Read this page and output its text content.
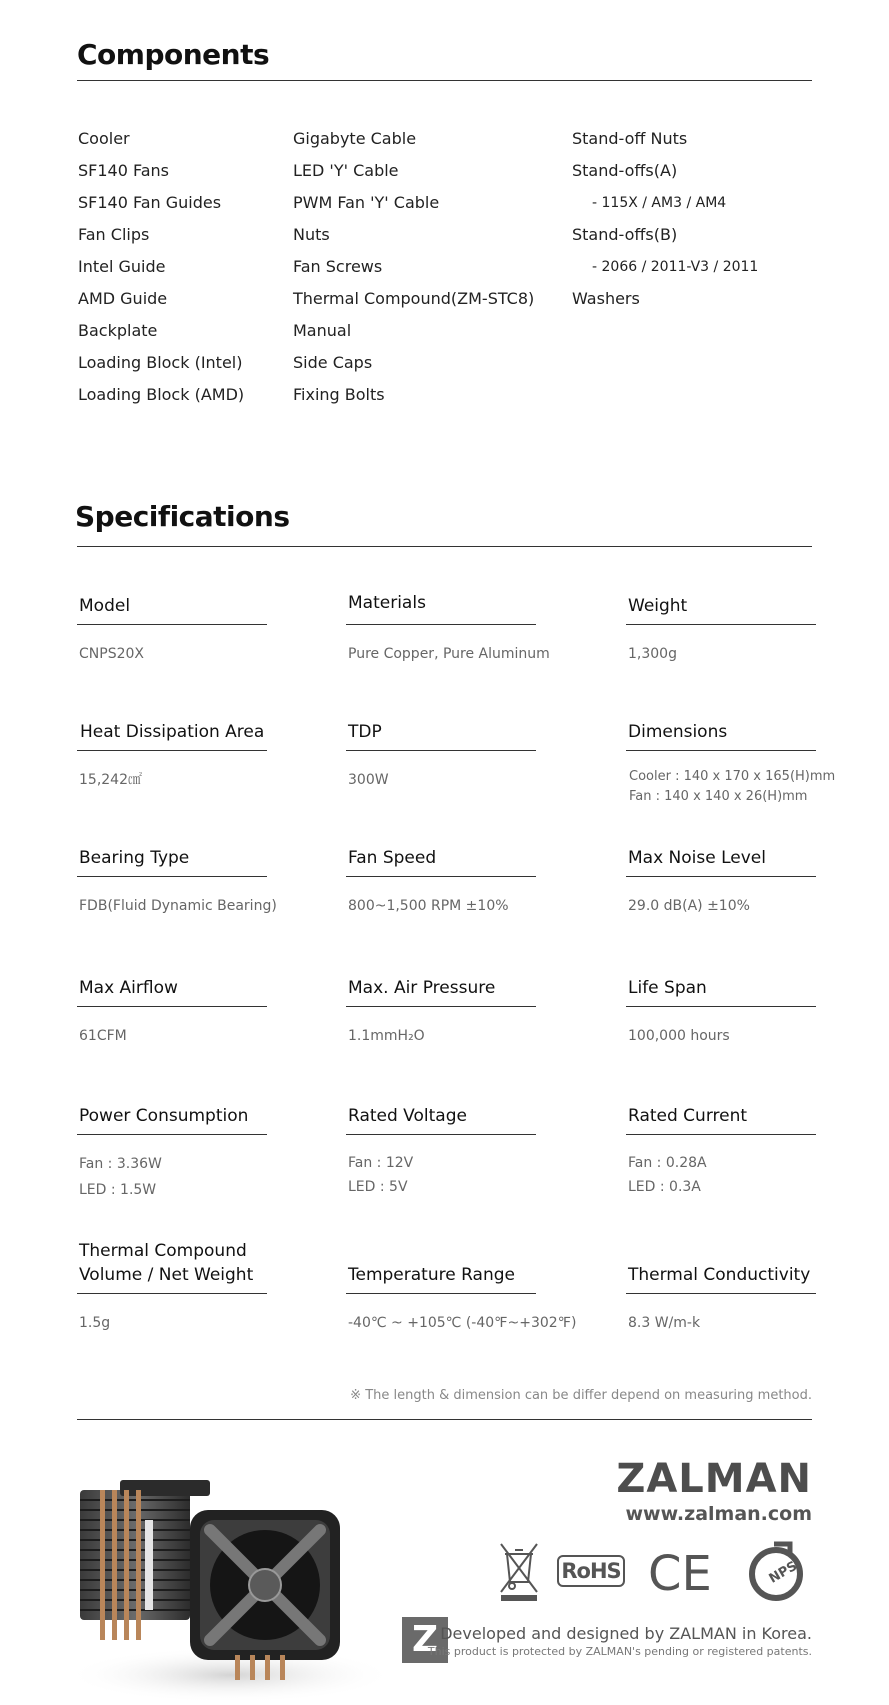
Components
Cooler
SF140 Fans
SF140 Fan Guides
Fan Clips
Intel Guide
AMD Guide
Backplate
Loading Block (Intel)
Loading Block (AMD)
Gigabyte Cable
LED 'Y' Cable
PWM Fan 'Y' Cable
Nuts
Fan Screws
Thermal Compound(ZM-STC8)
Manual
Side Caps
Fixing Bolts
Stand-off Nuts
Stand-offs(A)
- 115X / AM3 / AM4
Stand-offs(B)
- 2066 / 2011-V3 / 2011
Washers
Specifications
Model
CNPS20X
Materials
Pure Copper, Pure Aluminum
Weight
1,300g
Heat Dissipation Area
15,242㎠
TDP
300W
Dimensions
Cooler : 140 x 170 x 165(H)mm
Fan : 140 x 140 x 26(H)mm
Bearing Type
FDB(Fluid Dynamic Bearing)
Fan Speed
800~1,500 RPM ±10%
Max Noise Level
29.0 dB(A) ±10%
Max Airflow
61CFM
Max. Air Pressure
1.1mmH₂O
Life Span
100,000 hours
Power Consumption
Fan : 3.36W
LED : 1.5W
Rated Voltage
Fan : 12V
LED : 5V
Rated Current
Fan : 0.28A
LED : 0.3A
Thermal Compound
Volume / Net Weight
1.5g
Temperature Range
-40℃ ~ +105℃ (-40℉~+302℉)
Thermal Conductivity
8.3 W/m-k
※ The length & dimension can be differ depend on measuring method.
ZALMAN
www.zalman.com
RoHS CE	NPS
Z Developed and designed by ZALMAN in Korea.
This product is protected by ZALMAN's pending or registered patents.
